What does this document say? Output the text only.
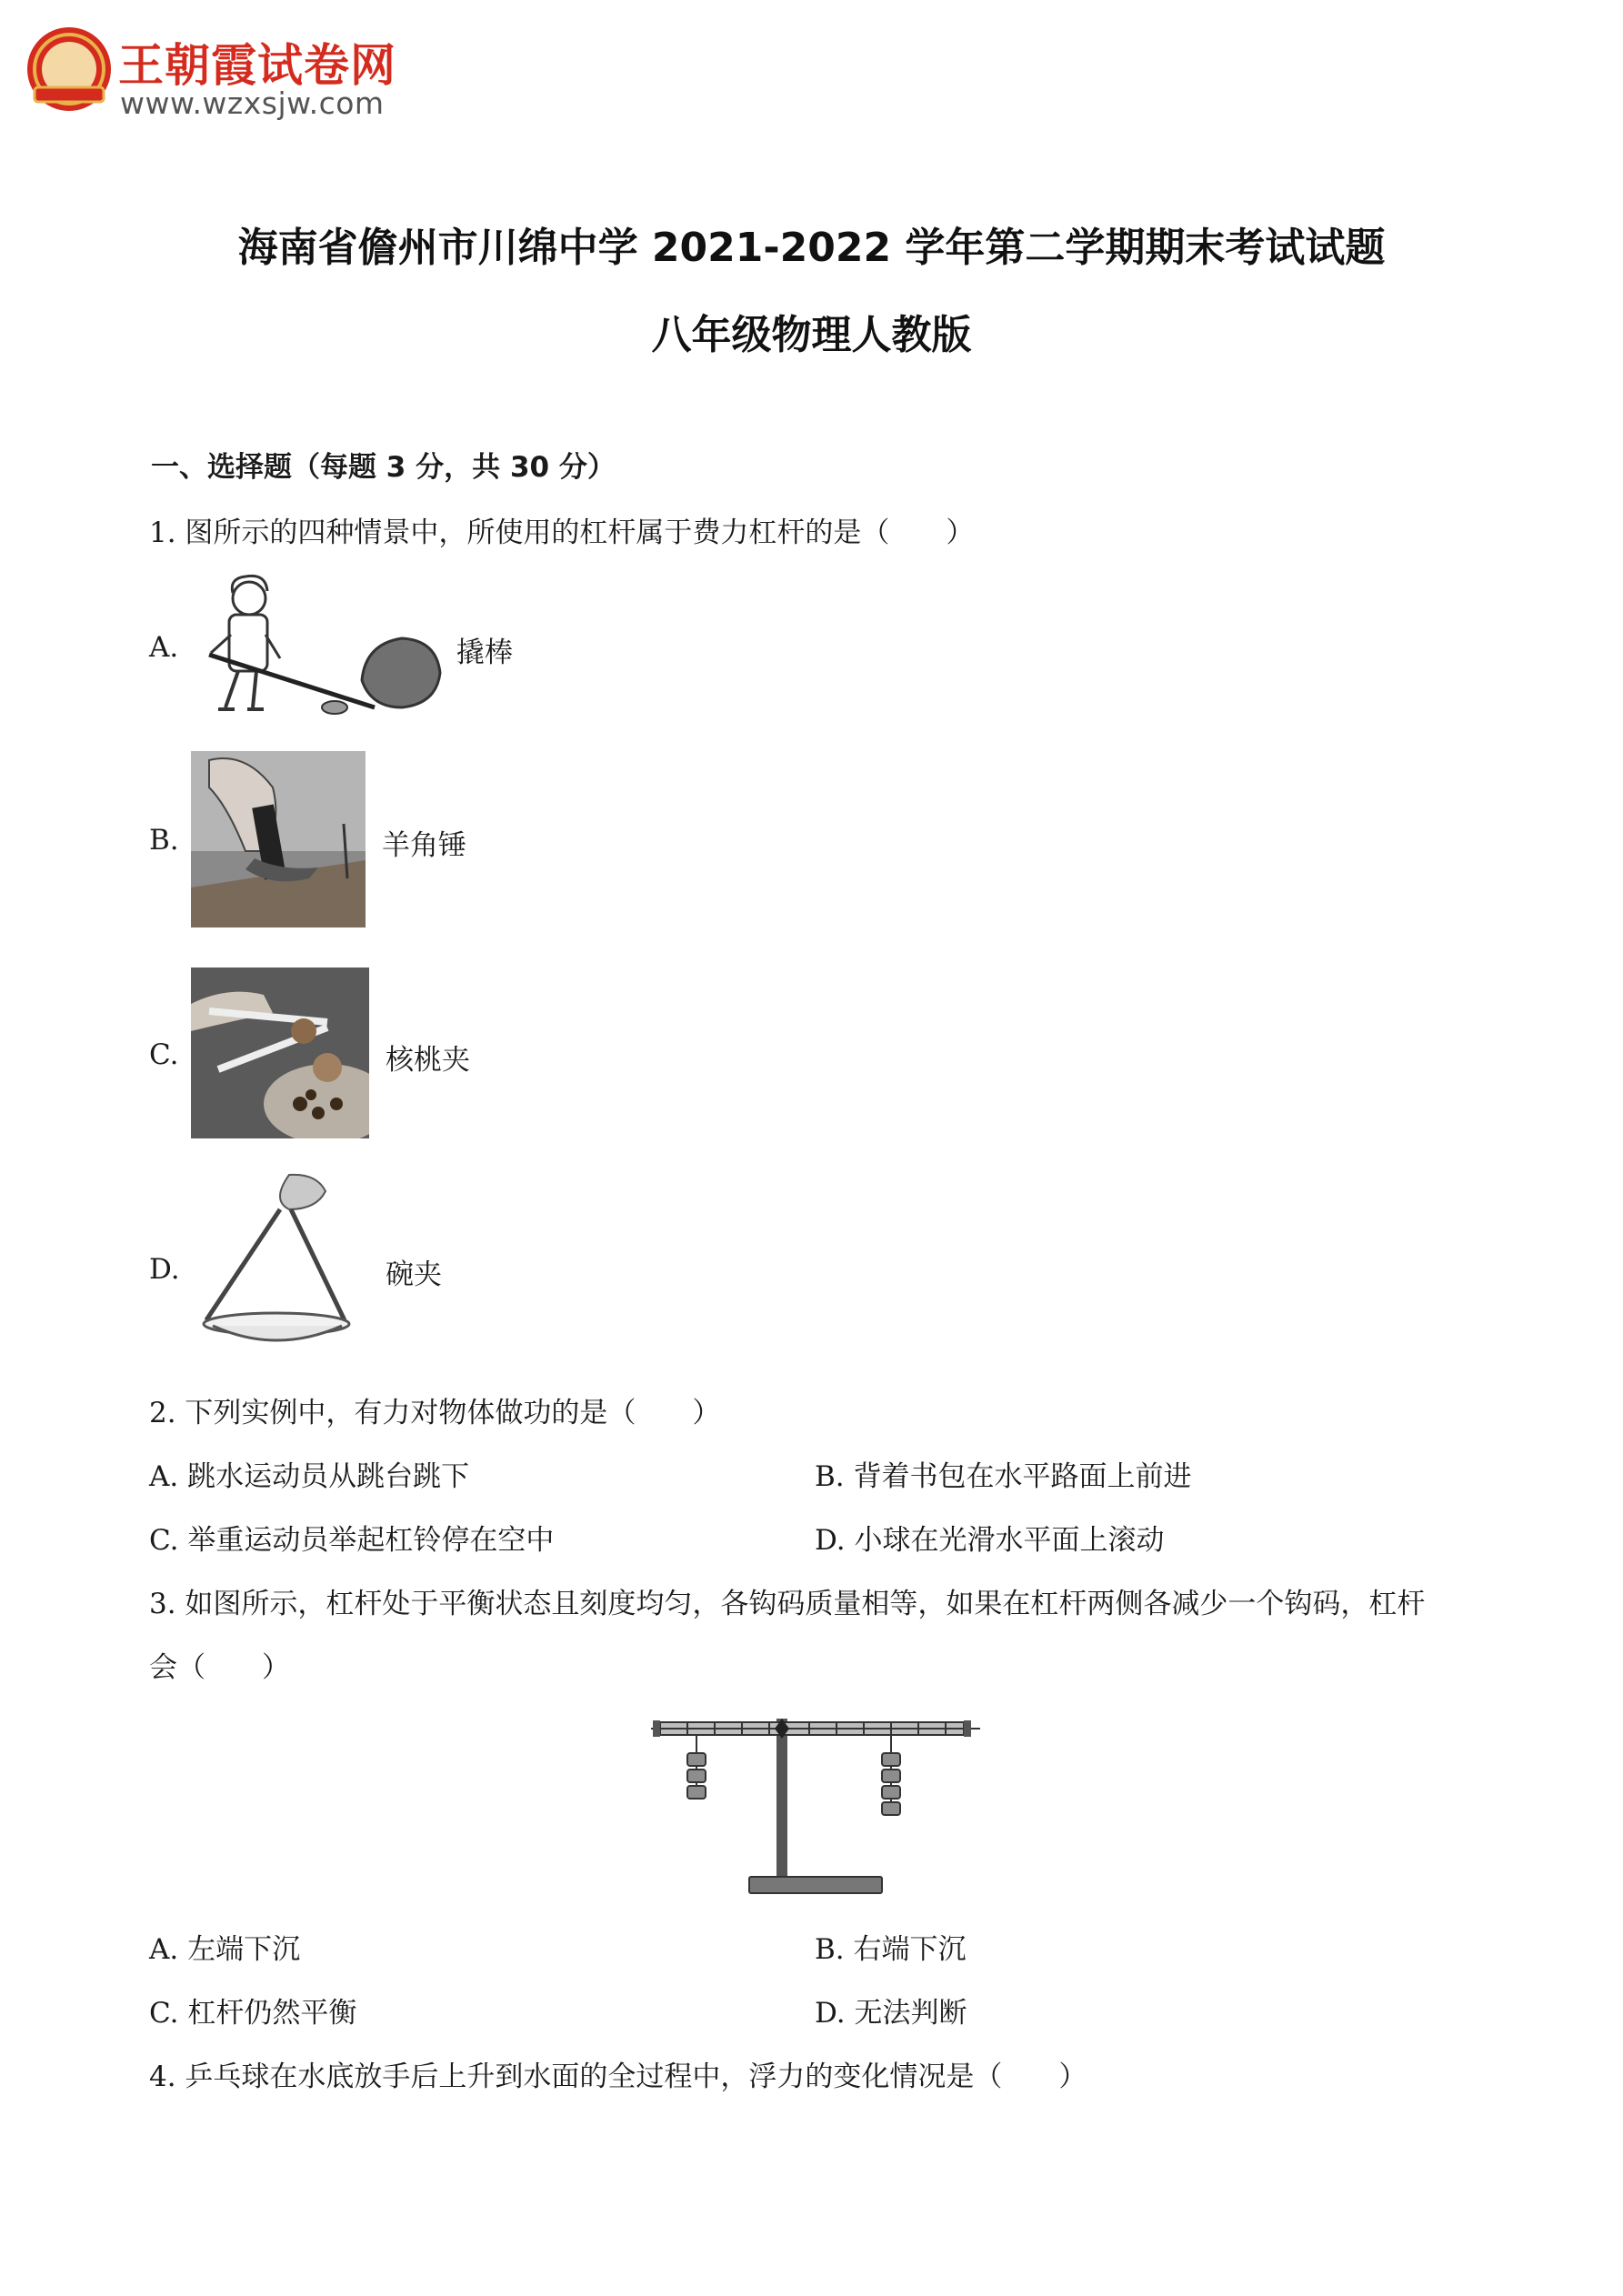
王朝霞试卷网
www.wzxsjw.com
海南省儋州市川绵中学 2021-2022 学年第二学期期末考试试题
八年级物理人教版
一、选择题（每题 3 分，共 30 分）
1. 图所示的四种情景中，所使用的杠杆属于费力杠杆的是（　　）
A.	撬棒
B.	羊角锤
C.	核桃夹
D.	碗夹
2. 下列实例中，有力对物体做功的是（　　）
A. 跳水运动员从跳台跳下	B. 背着书包在水平路面上前进
C. 举重运动员举起杠铃停在空中	D. 小球在光滑水平面上滚动
3. 如图所示，杠杆处于平衡状态且刻度均匀，各钩码质量相等，如果在杠杆两侧各减少一个钩码，杠杆
会（　　）
A. 左端下沉	B. 右端下沉
C. 杠杆仍然平衡	D. 无法判断
4. 乒乓球在水底放手后上升到水面的全过程中，浮力的变化情况是（　　）
